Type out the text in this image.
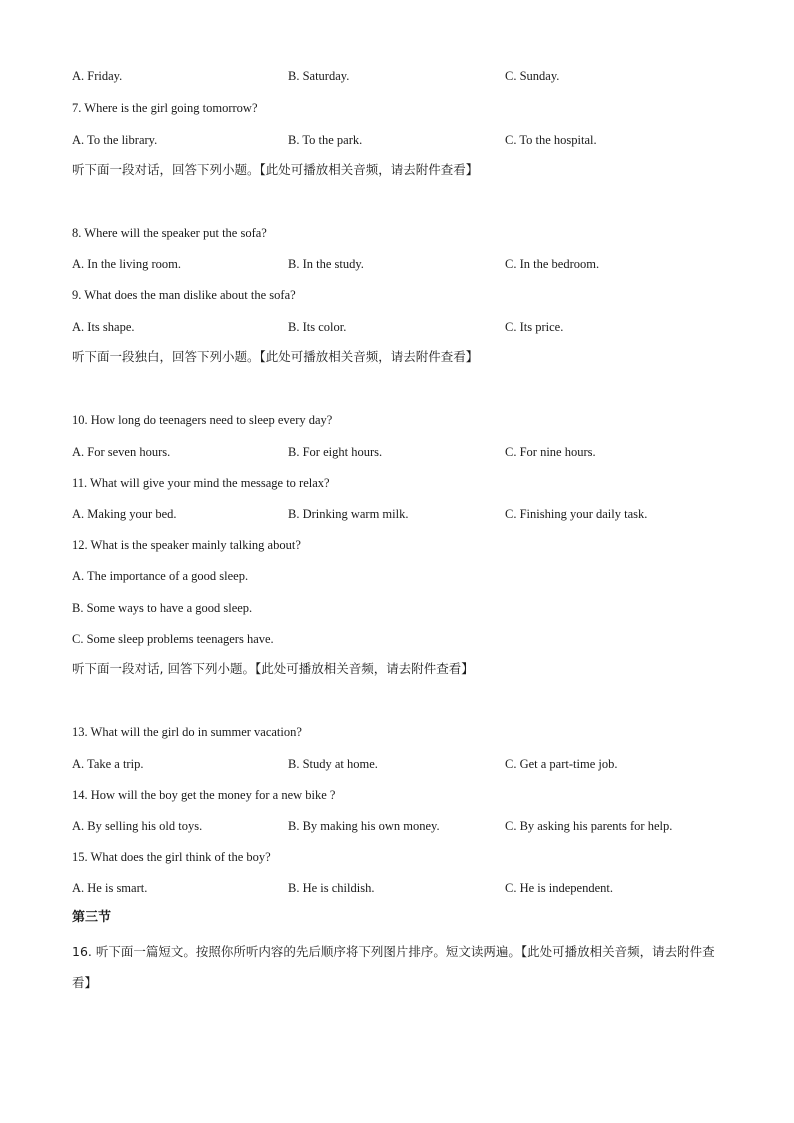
A. Friday.	B. Saturday.	C. Sunday.
7. Where is the girl going tomorrow?
A. To the library.	B. To the park.	C. To the hospital.
听下面一段对话，回答下列小题。【此处可播放相关音频，请去附件查看】
8. Where will the speaker put the sofa?
A. In the living room.	B. In the study.	C. In the bedroom.
9. What does the man dislike about the sofa?
A. Its shape.	B. Its color.	C. Its price.
听下面一段独白，回答下列小题。【此处可播放相关音频，请去附件查看】
10. How long do teenagers need to sleep every day?
A. For seven hours.	B. For eight hours.	C. For nine hours.
11. What will give your mind the message to relax?
A. Making your bed.	B. Drinking warm milk.	C. Finishing your daily task.
12. What is the speaker mainly talking about?
A. The importance of a good sleep.
B. Some ways to have a good sleep.
C. Some sleep problems teenagers have.
听下面一段对话, 回答下列小题。【此处可播放相关音频，请去附件查看】
13. What will the girl do in summer vacation?
A. Take a trip.	B. Study at home.	C. Get a part-time job.
14. How will the boy get the money for a new bike ?
A. By selling his old toys.	B. By making his own money.	C. By asking his parents for help.
15. What does the girl think of the boy?
A. He is smart.	B. He is childish.	C. He is independent.
第三节
16. 听下面一篇短文。按照你所听内容的先后顺序将下列图片排序。短文读两遍。【此处可播放相关音频，请去附件查看】
